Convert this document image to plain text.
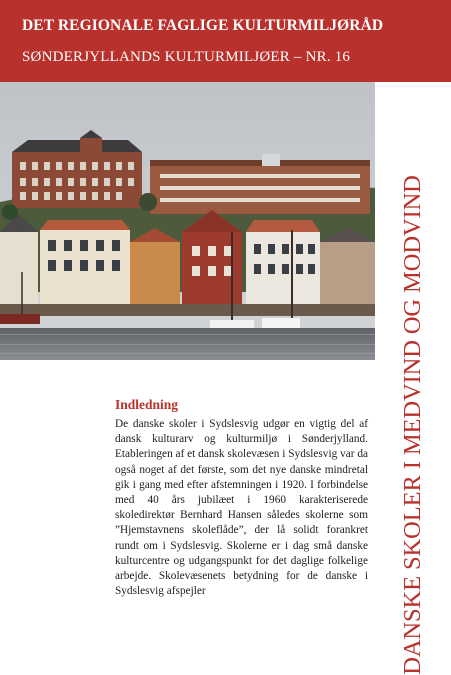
DET REGIONALE FAGLIGE KULTURMILJØRÅD
SØNDERJYLLANDS KULTURMILJØER – NR. 16
DANSKE SKOLER I MEDVIND OG MODVIND
Indledning

De danske skoler i Sydslesvig udgør en vigtig del af dansk kulturarv og kulturmiljø i Sønderjylland. Etableringen af et dansk skolevæsen i Sydslesvig var da også noget af det første, som det nye danske mindretal gik i gang med efter afstemningen i 1920. I forbindelse med 40 års jubilæet i 1960 karakteriserede skoledirektør Bernhard Hansen således skolerne som ”Hjemstavnens skoleflåde”, der lå solidt forankret rundt om i Sydslesvig. Skolerne er i dag små danske kulturcentre og udgangspunkt for det daglige folkelige arbejde. Skolevæsenets betydning for de danske i Sydslesvig afspejler
